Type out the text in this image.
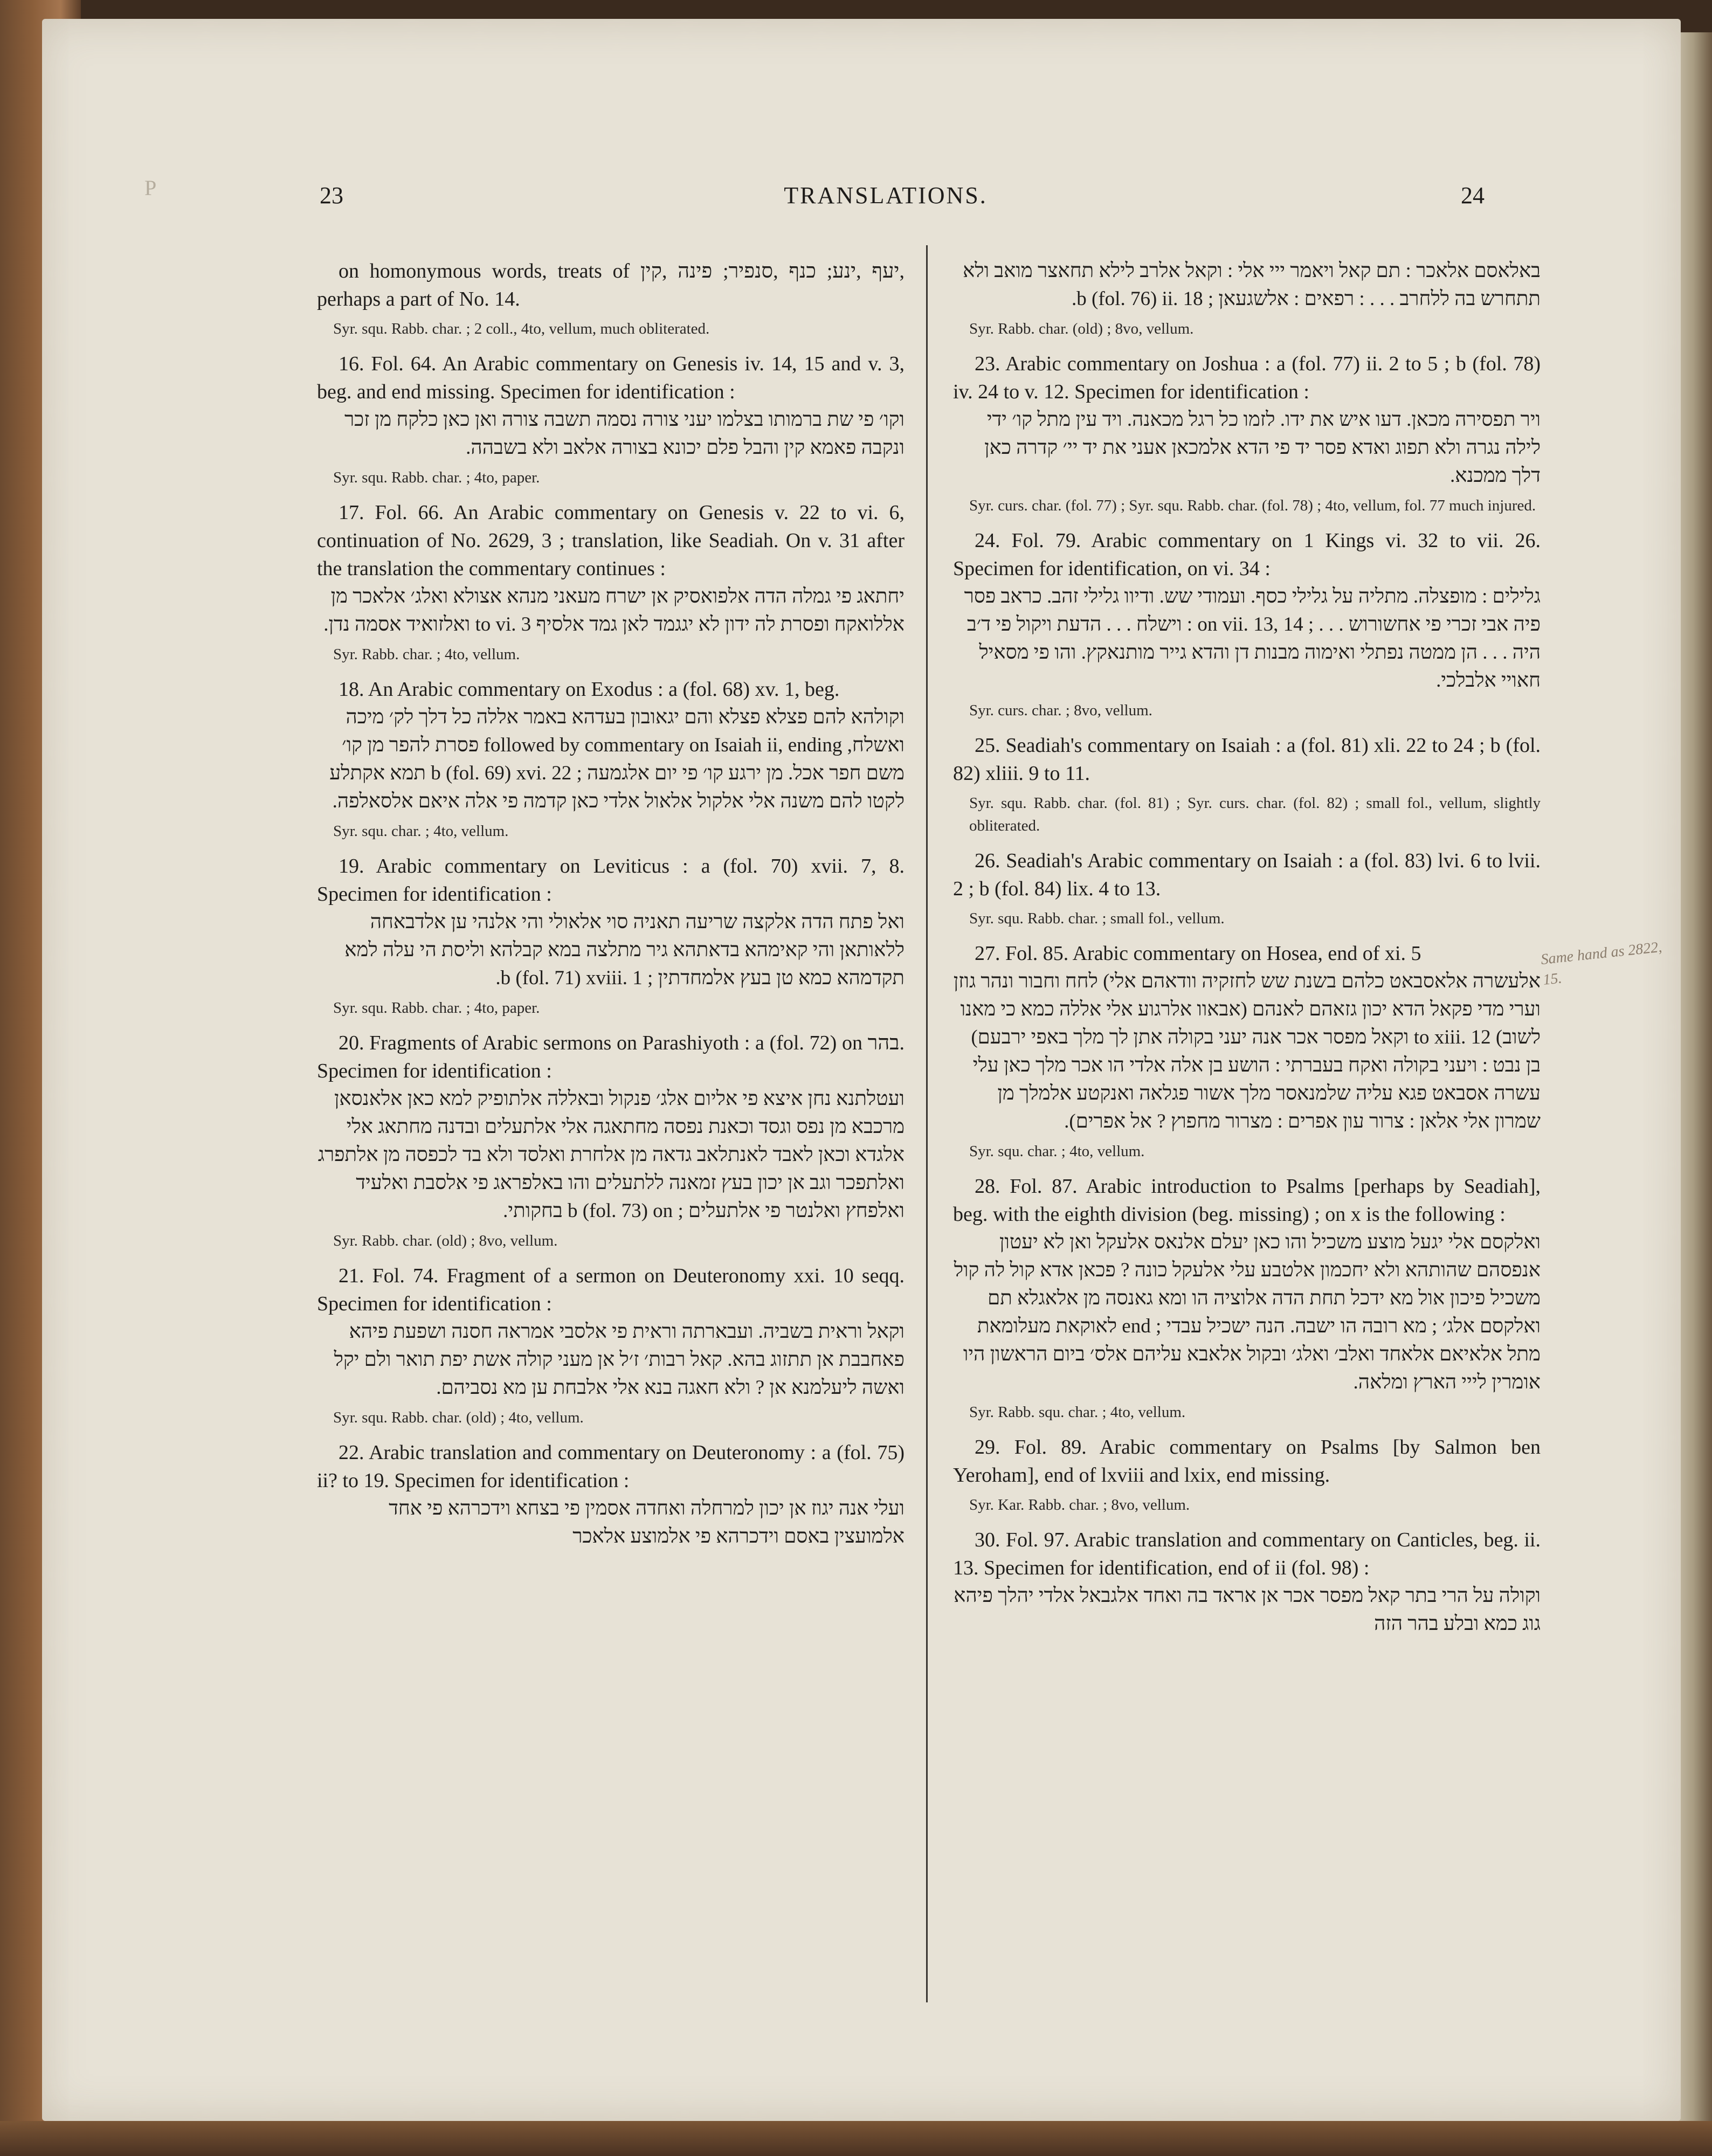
P	23	TRANSLATIONS.	24
on homonymous words, treats of יעף ,ינע; כנף ,סנפיר; פינה ,קין, perhaps a part of No. 14.
Syr. squ. Rabb. char. ; 2 coll., 4to, vellum, much obliterated.
16. Fol. 64. An Arabic commentary on Genesis iv. 14, 15 and v. 3, beg. and end missing. Specimen for identification :
וקו׳ פי שת ברמותו בצלמו יעני צורה נסמה תשבה צורה ואן כאן כלקח מן זכר ונקבה פאמא קין והבל פלם יכונא בצורה אלאב ולא בשבהה.
Syr. squ. Rabb. char. ; 4to, paper.
17. Fol. 66. An Arabic commentary on Genesis v. 22 to vi. 6, continuation of No. 2629, 3 ; translation, like Seadiah. On v. 31 after the translation the commentary continues :
יחתאג פי גמלה הדה אלפואסיק אן ישרח מעאני מנהא אצולא ואלג׳ אלאכר מן אללואקח ופסרת לה ידון לא יגגמד לאן גמד אלסיף to vi. 3 ואלזואיד אסמה נדן.
Syr. Rabb. char. ; 4to, vellum.
18. An Arabic commentary on Exodus : a (fol. 68) xv. 1, beg.
וקולהא להם פצלא פצלא והם יגאובון בעדהא באמר אללה כל דלך לק׳ מיכה ואשלח, followed by commentary on Isaiah ii, ending פסרת להפר מן קו׳ משם חפר אכל. מן ירגע קו׳ פי יום אלגמעה ; b (fol. 69) xvi. 22 תמא אקתלע לקטו להם משנה אלי אלקול אלאול אלדי כאן קדמה פי אלה איאם אלסאלפה.
Syr. squ. char. ; 4to, vellum.
19. Arabic commentary on Leviticus : a (fol. 70) xvii. 7, 8. Specimen for identification :
ואל פתח הדה אלקצה שריעה תאניה סוי אלאולי והי אלנהי ען אלדבאחה ללאותאן והי קאימהא בדאתהא גיר מתלצה במא קבלהא וליסת הי עלה למא תקדמהא כמא טן בעץ אלמחדתין ; b (fol. 71) xviii. 1.
Syr. squ. Rabb. char. ; 4to, paper.
20. Fragments of Arabic sermons on Parashiyoth : a (fol. 72) on בהר. Specimen for identification :
ועטלתנא נחן איצא פי אליום אלג׳ פנקול ובאללה אלתופיק למא כאן אלאנסאן מרכבא מן נפס וגסד וכאנת נפסה מחתאגה אלי אלתעלים ובדנה מחתאג אלי אלגדא וכאן לאבד לאנתלאב גדאה מן אלחרת ואלסד ולא בד לכפסה מן אלתפרג ואלתפכר וגב אן יכון בעץ זמאנה ללתעלים והו באלפראג פי אלסבת ואלעיד ואלפחץ ואלנטר פי אלתעלים ; b (fol. 73) on בחקותי.
Syr. Rabb. char. (old) ; 8vo, vellum.
21. Fol. 74. Fragment of a sermon on Deuteronomy xxi. 10 seqq. Specimen for identification :
וקאל וראית בשביה. ועבארתה וראית פי אלסבי אמראה חסנה ושפעת פיהא פאחבבת אן תתזוג בהא. קאל רבות׳ ז׳ל אן מעני קולה אשת יפת תואר ולם יקל ואשה ליעלמנא אן ? ולא חאגה בנא אלי אלבחת ען מא נסביהם.
Syr. squ. Rabb. char. (old) ; 4to, vellum.
22. Arabic translation and commentary on Deuteronomy : a (fol. 75) ii? to 19. Specimen for identification :
ועלי אנה יגוז אן יכון למרחלה ואחדה אסמין פי בצחא וידכרהא פי אחד אלמועצין באסם וידכרהא פי אלמוצע אלאכר
באלאסם אלאכר : תם קאל ויאמר ייי אלי : וקאל אלרב לילא תחאצר מואב ולא תתחרש בה ללחרב . . . : רפאים : אלשגעאן ; b (fol. 76) ii. 18.
Syr. Rabb. char. (old) ; 8vo, vellum.
23. Arabic commentary on Joshua : a (fol. 77) ii. 2 to 5 ; b (fol. 78) iv. 24 to v. 12. Specimen for identification :
ויר תפסירה מכאן. דעו איש את ידו. לזמו כל רגל מכאנה. ויד עין מתל קו׳ ידי לילה נגרה ולא תפוג ואדא פסר יד פי הדא אלמכאן אעני את יד יי׳ קדרה כאן דלך ממכנא.
Syr. curs. char. (fol. 77) ; Syr. squ. Rabb. char. (fol. 78) ; 4to, vellum, fol. 77 much injured.
24. Fol. 79. Arabic commentary on 1 Kings vi. 32 to vii. 26. Specimen for identification, on vi. 34 :
גלילים : מופצלה. מתליה על גלילי כסף. ועמודי שש. ודיוו גלילי זהב. כראב פסר פיה אבי זכרי פי אחשורוש . . . ; on vii. 13, 14 : וישלח . . . הדעת ויקול פי ד׳ב היה . . . הן ממטה נפתלי ואימוה מבנות דן והדא גייר מותנאקץ. והו פי מסאיל חאויי אלבלכי.
Syr. curs. char. ; 8vo, vellum.
25. Seadiah's commentary on Isaiah : a (fol. 81) xli. 22 to 24 ; b (fol. 82) xliii. 9 to 11.
Syr. squ. Rabb. char. (fol. 81) ; Syr. curs. char. (fol. 82) ; small fol., vellum, slightly obliterated.
26. Seadiah's Arabic commentary on Isaiah : a (fol. 83) lvi. 6 to lvii. 2 ; b (fol. 84) lix. 4 to 13.
Syr. squ. Rabb. char. ; small fol., vellum.
27. Fol. 85. Arabic commentary on Hosea, end of xi. 5
אלעשרה אלאסבאט כלהם בשנת שש לחזקיה וודאהם אלי) לחח וחבור ונהר גוזן וערי מדי פקאל הדא יכון גזאהם לאנהם (אבאוו אלרגוע אלי אללה כמא כי מאנו לשוב) to xiii. 12 וקאל מפסר אכר אנה יעני בקולה אתן לך מלך באפי ירבעם) בן נבט : ויעני בקולה ואקח בעברתי : הושע בן אלה אלדי הו אכר מלך כאן עלי עשרה אסבאט פגא עליה שלמנאסר מלך אשור פגלאה ואנקטע אלמלך מן שמרון אלי אלאן : צרור עון אפרים : מצרור מחפוץ ? אל אפרים).
Syr. squ. char. ; 4to, vellum.
28. Fol. 87. Arabic introduction to Psalms [perhaps by Seadiah], beg. with the eighth division (beg. missing) ; on x is the following :
ואלקסם אלי יגעל מוצע משכיל והו כאן יעלם אלנאס אלעקל ואן לא יעטון אנפסהם שהותהא ולא יחכמון אלטבע עלי אלעקל כונה ? פכאן אדא קול לה קול משכיל פיכון אול מא ידכל תחת הדה אלוציה הו ומא גאנסה מן אלאגלא תם ואלקסם אלג׳ ; מא רובה הו ישבה. הנה ישכיל עבדי ; end לאוקאת מעלומאת מתל אלאיאם אלאחד ואלב׳ ואלג׳ ובקול אלאבא עליהם אלס׳ ביום הראשון היו אומרין לייי הארץ ומלאה.
Syr. Rabb. squ. char. ; 4to, vellum.
29. Fol. 89. Arabic commentary on Psalms [by Salmon ben Yeroham], end of lxviii and lxix, end missing.
Syr. Kar. Rabb. char. ; 8vo, vellum.
30. Fol. 97. Arabic translation and commentary on Canticles, beg. ii. 13. Specimen for identification, end of ii (fol. 98) :
וקולה על הרי בתר קאל מפסר אכר אן אראד בה ואחד אלגבאל אלדי יהלך פיהא גוג כמא ובלע בהר הזה
Same hand as 2822, 15.
